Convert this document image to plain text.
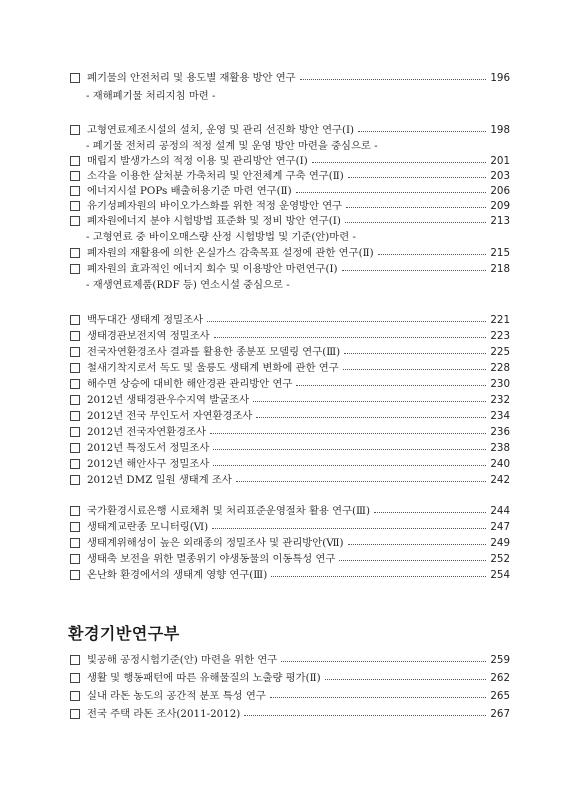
폐기물의 안전처리 및 용도별 재활용 방안 연구	196
- 재해폐기물 처리지침 마련 -
고형연료제조시설의 설치, 운영 및 관리 선진화 방안 연구(Ⅰ)	198
- 폐기물 전처리 공정의 적정 설계 및 운영 방안 마련을 중심으로 -
매립지 발생가스의 적정 이용 및 관리방안 연구(Ⅰ)	201
소각을 이용한 살처분 가축처리 및 안전체계 구축 연구(Ⅱ)	203
에너지시설 POPs 배출허용기준 마련 연구(Ⅱ)	206
유기성폐자원의 바이오가스화를 위한 적정 운영방안 연구	209
폐자원에너지 분야 시험방법 표준화 및 정비 방안 연구(Ⅰ)	213
- 고형연료 중 바이오매스량 산정 시험방법 및 기준(안)마련 -
폐자원의 재활용에 의한 온실가스 감축목표 설정에 관한 연구(Ⅱ)	215
폐자원의 효과적인 에너지 회수 및 이용방안 마련연구(Ⅰ)	218
- 재생연료제품(RDF 등) 연소시설 중심으로 -
백두대간 생태계 정밀조사	221
생태경관보전지역 정밀조사	223
전국자연환경조사 결과를 활용한 종분포 모델링 연구(Ⅲ)	225
철새기착지로서 독도 및 울릉도 생태계 변화에 관한 연구	228
해수면 상승에 대비한 해안경관 관리방안 연구	230
2012년 생태경관우수지역 발굴조사	232
2012년 전국 무인도서 자연환경조사	234
2012년 전국자연환경조사	236
2012년 특정도서 정밀조사	238
2012년 해안사구 정밀조사	240
2012년 DMZ 일원 생태계 조사	242
국가환경시료은행 시료채취 및 처리표준운영절차 활용 연구(Ⅲ)	244
생태계교란종 모니터링(Ⅵ)	247
생태계위해성이 높은 외래종의 정밀조사 및 관리방안(Ⅶ)	249
생태축 보전을 위한 멸종위기 야생동물의 이동특성 연구	252
온난화 환경에서의 생태계 영향 연구(Ⅲ)	254
환경기반연구부
빛공해 공정시험기준(안) 마련을 위한 연구	259
생활 및 행동패턴에 따른 유해물질의 노출량 평가(Ⅱ)	262
실내 라돈 농도의 공간적 분포 특성 연구	265
전국 주택 라돈 조사(2011-2012)	267
